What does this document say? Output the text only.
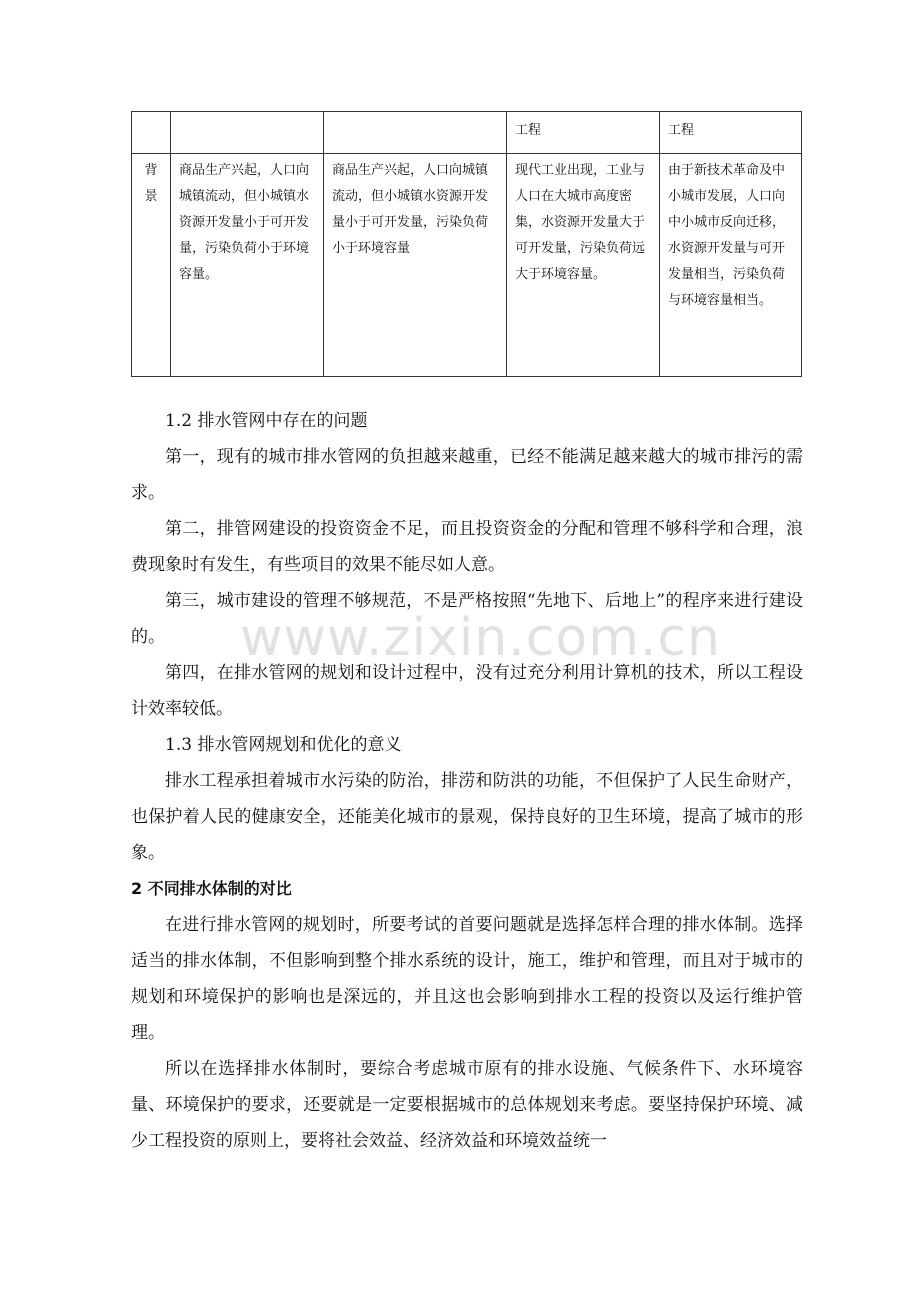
			工程	工程

背
景	商品生产兴起，人口向城镇流动，但小城镇水资源开发量小于可开发量，污染负荷小于环境容量。	商品生产兴起，人口向城镇流动，但小城镇水资源开发量小于可开发量，污染负荷小于环境容量	现代工业出现，工业与人口在大城市高度密集，水资源开发量大于可开发量，污染负荷远大于环境容量。	由于新技术革命及中小城市发展，人口向中小城市反向迁移，水资源开发量与可开发量相当，污染负荷与环境容量相当。

1.2 排水管网中存在的问题

第一，现有的城市排水管网的负担越来越重，已经不能满足越来越大的城市排污的需求。

第二，排管网建设的投资资金不足，而且投资资金的分配和管理不够科学和合理，浪费现象时有发生，有些项目的效果不能尽如人意。

第三，城市建设的管理不够规范，不是严格按照“先地下、后地上”的程序来进行建设的。

第四，在排水管网的规划和设计过程中，没有过充分利用计算机的技术，所以工程设计效率较低。

1.3 排水管网规划和优化的意义

排水工程承担着城市水污染的防治，排涝和防洪的功能，不但保护了人民生命财产，也保护着人民的健康安全，还能美化城市的景观，保持良好的卫生环境，提高了城市的形象。

2 不同排水体制的对比

在进行排水管网的规划时，所要考试的首要问题就是选择怎样合理的排水体制。选择适当的排水体制，不但影响到整个排水系统的设计，施工，维护和管理，而且对于城市的规划和环境保护的影响也是深远的，并且这也会影响到排水工程的投资以及运行维护管理。

所以在选择排水体制时，要综合考虑城市原有的排水设施、气候条件下、水环境容量、环境保护的要求，还要就是一定要根据城市的总体规划来考虑。要坚持保护环境、减少工程投资的原则上，要将社会效益、经济效益和环境效益统一

www.zixin.com.cn
